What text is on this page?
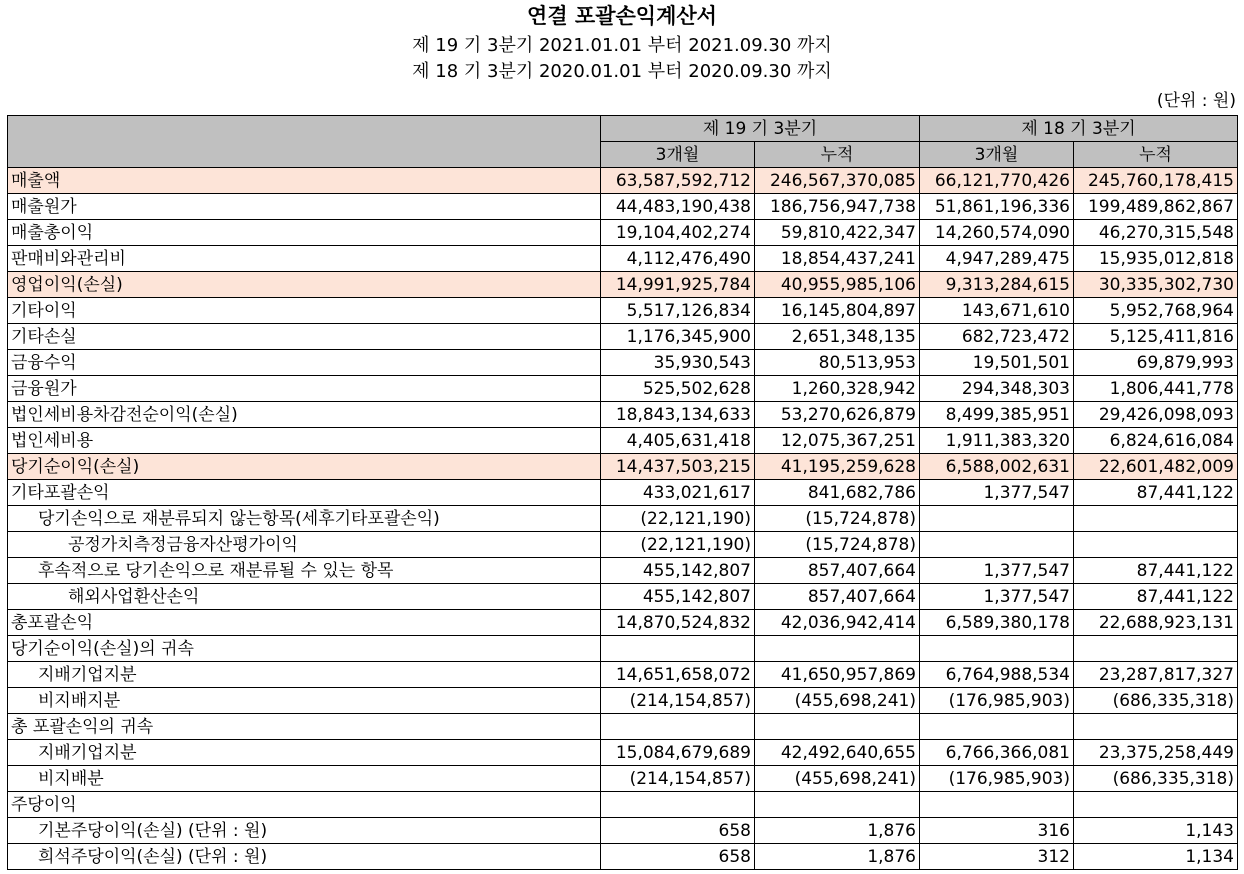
연결 포괄손익계산서
제 19 기 3분기 2021.01.01 부터 2021.09.30 까지
제 18 기 3분기 2020.01.01 부터 2020.09.30 까지
(단위 : 원)
	제 19 기 3분기		제 18 기 3분기	
	3개월	누적	3개월	누적
매출액	63,587,592,712	246,567,370,085	66,121,770,426	245,760,178,415
매출원가	44,483,190,438	186,756,947,738	51,861,196,336	199,489,862,867
매출총이익	19,104,402,274	59,810,422,347	14,260,574,090	46,270,315,548
판매비와관리비	4,112,476,490	18,854,437,241	4,947,289,475	15,935,012,818
영업이익(손실)	14,991,925,784	40,955,985,106	9,313,284,615	30,335,302,730
기타이익	5,517,126,834	16,145,804,897	143,671,610	5,952,768,964
기타손실	1,176,345,900	2,651,348,135	682,723,472	5,125,411,816
금융수익	35,930,543	80,513,953	19,501,501	69,879,993
금융원가	525,502,628	1,260,328,942	294,348,303	1,806,441,778
법인세비용차감전순이익(손실)	18,843,134,633	53,270,626,879	8,499,385,951	29,426,098,093
법인세비용	4,405,631,418	12,075,367,251	1,911,383,320	6,824,616,084
당기순이익(손실)	14,437,503,215	41,195,259,628	6,588,002,631	22,601,482,009
기타포괄손익	433,021,617	841,682,786	1,377,547	87,441,122
당기손익으로 재분류되지 않는항목(세후기타포괄손익)	(22,121,190)	(15,724,878)		
공정가치측정금융자산평가이익	(22,121,190)	(15,724,878)		
후속적으로 당기손익으로 재분류될 수 있는 항목	455,142,807	857,407,664	1,377,547	87,441,122
해외사업환산손익	455,142,807	857,407,664	1,377,547	87,441,122
총포괄손익	14,870,524,832	42,036,942,414	6,589,380,178	22,688,923,131
당기순이익(손실)의 귀속				
지배기업지분	14,651,658,072	41,650,957,869	6,764,988,534	23,287,817,327
비지배지분	(214,154,857)	(455,698,241)	(176,985,903)	(686,335,318)
총 포괄손익의 귀속				
지배기업지분	15,084,679,689	42,492,640,655	6,766,366,081	23,375,258,449
비지배분	(214,154,857)	(455,698,241)	(176,985,903)	(686,335,318)
주당이익				
기본주당이익(손실) (단위 : 원)	658	1,876	316	1,143
희석주당이익(손실) (단위 : 원)	658	1,876	312	1,134
